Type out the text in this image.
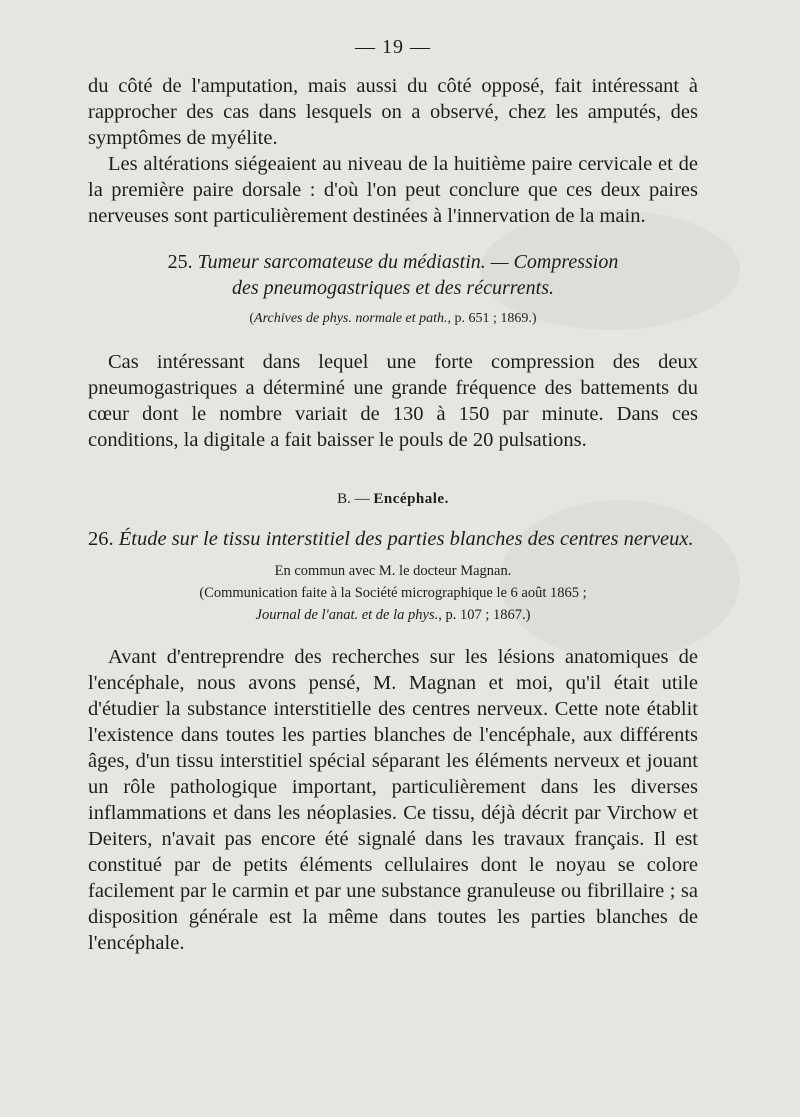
— 19 —

du côté de l'amputation, mais aussi du côté opposé, fait intéressant à rapprocher des cas dans lesquels on a observé, chez les amputés, des symptômes de myélite.

Les altérations siégeaient au niveau de la huitième paire cervicale et de la première paire dorsale : d'où l'on peut conclure que ces deux paires nerveuses sont particulièrement destinées à l'innervation de la main.

25. Tumeur sarcomateuse du médiastin. — Compression
des pneumogastriques et des récurrents.
(Archives de phys. normale et path., p. 651 ; 1869.)

Cas intéressant dans lequel une forte compression des deux pneumogastriques a déterminé une grande fréquence des battements du cœur dont le nombre variait de 130 à 150 par minute. Dans ces conditions, la digitale a fait baisser le pouls de 20 pulsations.

B. — Encéphale.
26. Étude sur le tissu interstitiel des parties blanches des centres nerveux.
En commun avec M. le docteur Magnan.
(Communication faite à la Société micrographique le 6 août 1865 ;
Journal de l'anat. et de la phys., p. 107 ; 1867.)

Avant d'entreprendre des recherches sur les lésions anatomiques de l'encéphale, nous avons pensé, M. Magnan et moi, qu'il était utile d'étudier la substance interstitielle des centres nerveux. Cette note établit l'existence dans toutes les parties blanches de l'encéphale, aux différents âges, d'un tissu interstitiel spécial séparant les éléments nerveux et jouant un rôle pathologique important, particulièrement dans les diverses inflammations et dans les néoplasies. Ce tissu, déjà décrit par Virchow et Deiters, n'avait pas encore été signalé dans les travaux français. Il est constitué par de petits éléments cellulaires dont le noyau se colore facilement par le carmin et par une substance granuleuse ou fibrillaire ; sa disposition générale est la même dans toutes les parties blanches de l'encéphale.
